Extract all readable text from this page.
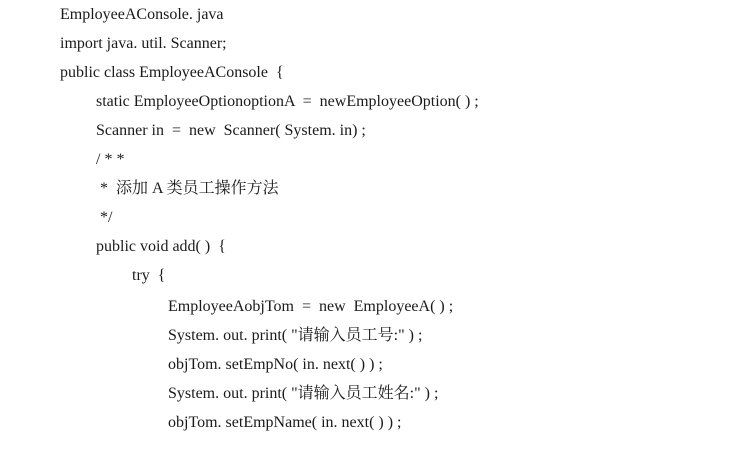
EmployeeAConsole. java
import java. util. Scanner;
public class EmployeeAConsole  {
static EmployeeOptionoptionA  =  newEmployeeOption( ) ;
Scanner in  =  new  Scanner( System. in) ;
/ * *
*  添加 A 类员工操作方法
*/
public void add( )  {
try  {
EmployeeAobjTom  =  new  EmployeeA( ) ;
System. out. print( "请输入员工号:" ) ;
objTom. setEmpNo( in. next( ) ) ;
System. out. print( "请输入员工姓名:" ) ;
objTom. setEmpName( in. next( ) ) ;
